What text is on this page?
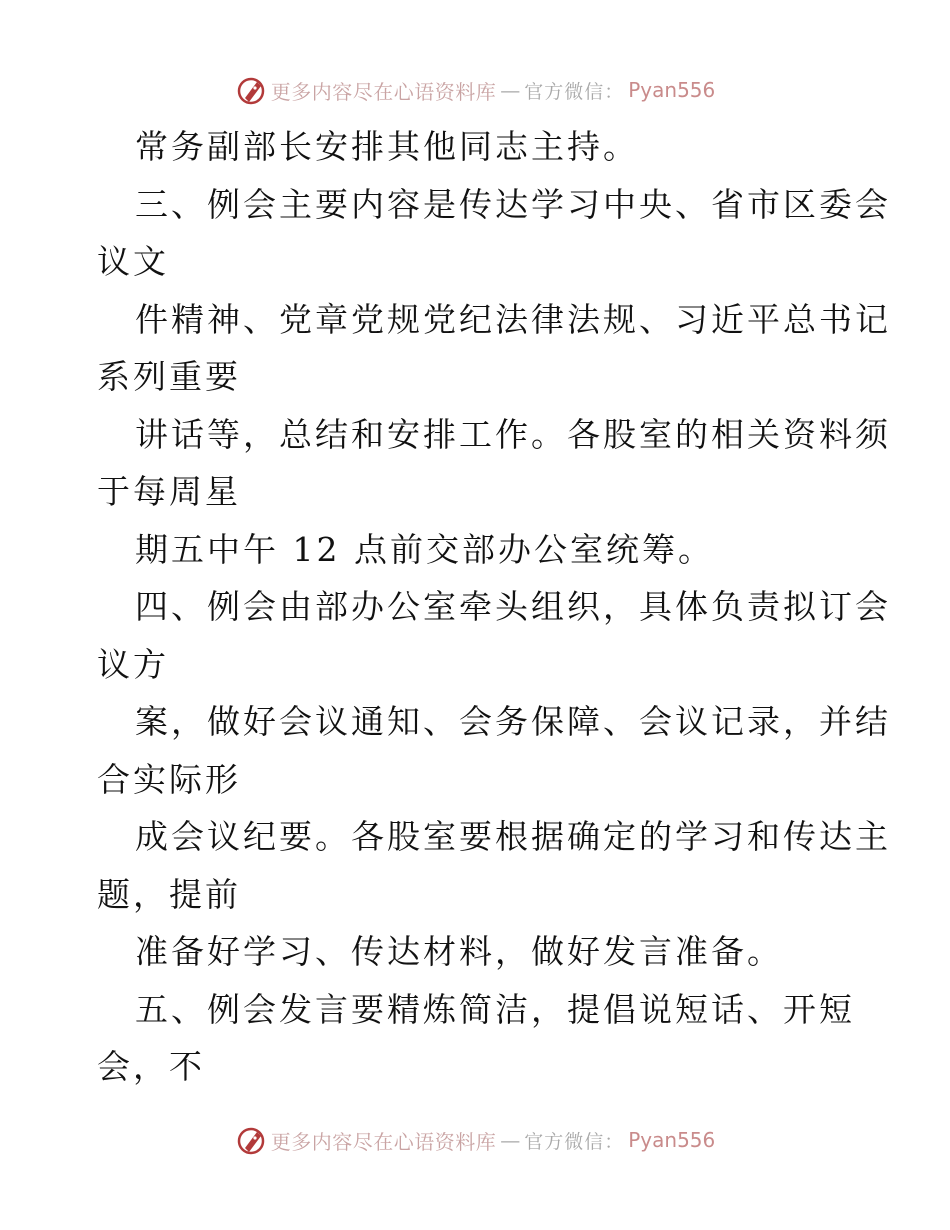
更多内容尽在心语资料库 — 官方微信： Pyan556
常务副部长安排其他同志主持。
三、例会主要内容是传达学习中央、省市区委会
议文
件精神、党章党规党纪法律法规、习近平总书记
系列重要
讲话等，总结和安排工作。各股室的相关资料须
于每周星
期五中午 12 点前交部办公室统筹。
四、例会由部办公室牵头组织，具体负责拟订会
议方
案，做好会议通知、会务保障、会议记录，并结
合实际形
成会议纪要。各股室要根据确定的学习和传达主
题，提前
准备好学习、传达材料，做好发言准备。
五、例会发言要精炼简洁，提倡说短话、开短
会，不
更多内容尽在心语资料库 — 官方微信： Pyan556
